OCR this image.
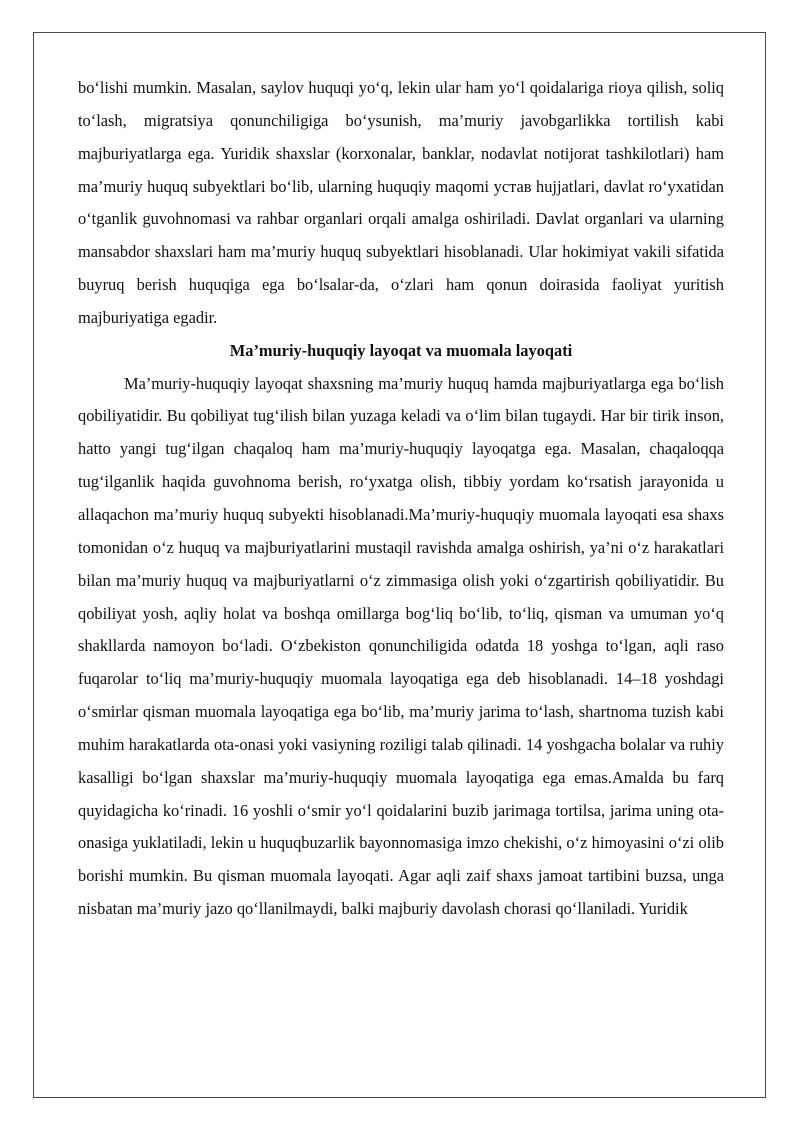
bo‘lishi mumkin. Masalan, saylov huquqi yo‘q, lekin ular ham yo‘l qoidalariga rioya qilish, soliq to‘lash, migratsiya qonunchiligiga bo‘ysunish, ma’muriy javobgarlikka tortilish kabi majburiyatlarga ega. Yuridik shaxslar (korxonalar, banklar, nodavlat notijorat tashkilotlari) ham ma’muriy huquq subyektlari bo‘lib, ularning huquqiy maqomi устав hujjatlari, davlat ro‘yxatidan o‘tganlik guvohnomasi va rahbar organlari orqali amalga oshiriladi. Davlat organlari va ularning mansabdor shaxslari ham ma’muriy huquq subyektlari hisoblanadi. Ular hokimiyat vakili sifatida buyruq berish huquqiga ega bo‘lsalar-da, o‘zlari ham qonun doirasida faoliyat yuritish majburiyatiga egadir.

Ma’muriy-huquqiy layoqat va muomala layoqati

Ma’muriy-huquqiy layoqat shaxsning ma’muriy huquq hamda majburiyatlarga ega bo‘lish qobiliyatidir. Bu qobiliyat tug‘ilish bilan yuzaga keladi va o‘lim bilan tugaydi. Har bir tirik inson, hatto yangi tug‘ilgan chaqaloq ham ma’muriy-huquqiy layoqatga ega. Masalan, chaqaloqqa tug‘ilganlik haqida guvohnoma berish, ro‘yxatga olish, tibbiy yordam ko‘rsatish jarayonida u allaqachon ma’muriy huquq subyekti hisoblanadi.Ma’muriy-huquqiy muomala layoqati esa shaxs tomonidan o‘z huquq va majburiyatlarini mustaqil ravishda amalga oshirish, ya’ni o‘z harakatlari bilan ma’muriy huquq va majburiyatlarni o‘z zimmasiga olish yoki o‘zgartirish qobiliyatidir. Bu qobiliyat yosh, aqliy holat va boshqa omillarga bog‘liq bo‘lib, to‘liq, qisman va umuman yo‘q shakllarda namoyon bo‘ladi. O‘zbekiston qonunchiligida odatda 18 yoshga to‘lgan, aqli raso fuqarolar to‘liq ma’muriy-huquqiy muomala layoqatiga ega deb hisoblanadi. 14–18 yoshdagi o‘smirlar qisman muomala layoqatiga ega bo‘lib, ma’muriy jarima to‘lash, shartnoma tuzish kabi muhim harakatlarda ota-onasi yoki vasiyning roziligi talab qilinadi. 14 yoshgacha bolalar va ruhiy kasalligi bo‘lgan shaxslar ma’muriy-huquqiy muomala layoqatiga ega emas.Amalda bu farq quyidagicha ko‘rinadi. 16 yoshli o‘smir yo‘l qoidalarini buzib jarimaga tortilsa, jarima uning ota-onasiga yuklatiladi, lekin u huquqbuzarlik bayonnomasiga imzo chekishi, o‘z himoyasini o‘zi olib borishi mumkin. Bu qisman muomala layoqati. Agar aqli zaif shaxs jamoat tartibini buzsa, unga nisbatan ma’muriy jazo qo‘llanilmaydi, balki majburiy davolash chorasi qo‘llaniladi. Yuridik
